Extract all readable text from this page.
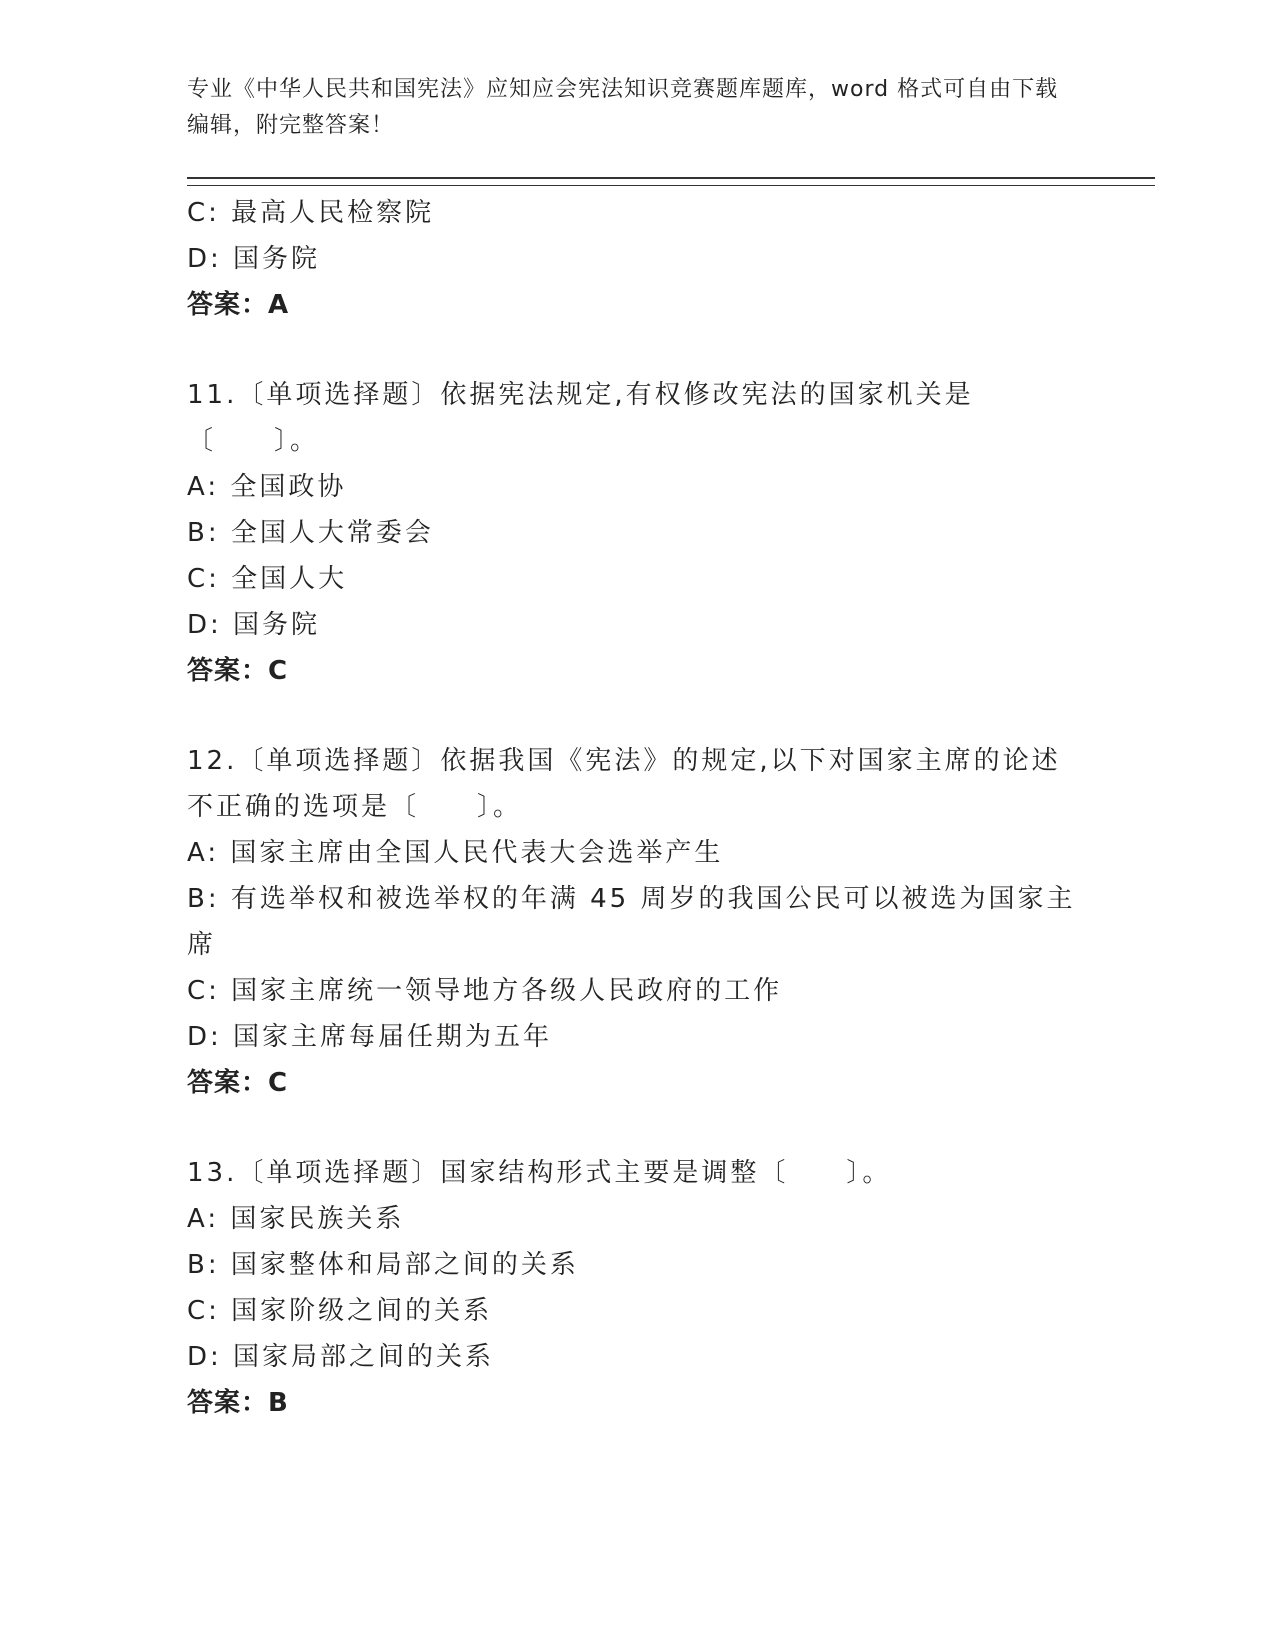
专业《中华人民共和国宪法》应知应会宪法知识竞赛题库题库，word 格式可自由下载编辑，附完整答案！
C: 最高人民检察院
D: 国务院
答案：A
11.〔单项选择题〕依据宪法规定,有权修改宪法的国家机关是〔　　〕。
A: 全国政协
B: 全国人大常委会
C: 全国人大
D: 国务院
答案：C
12.〔单项选择题〕依据我国《宪法》的规定,以下对国家主席的论述不正确的选项是〔　　〕。
A: 国家主席由全国人民代表大会选举产生
B: 有选举权和被选举权的年满 45 周岁的我国公民可以被选为国家主席
C: 国家主席统一领导地方各级人民政府的工作
D: 国家主席每届任期为五年
答案：C
13.〔单项选择题〕国家结构形式主要是调整〔　　〕。
A: 国家民族关系
B: 国家整体和局部之间的关系
C: 国家阶级之间的关系
D: 国家局部之间的关系
答案：B
